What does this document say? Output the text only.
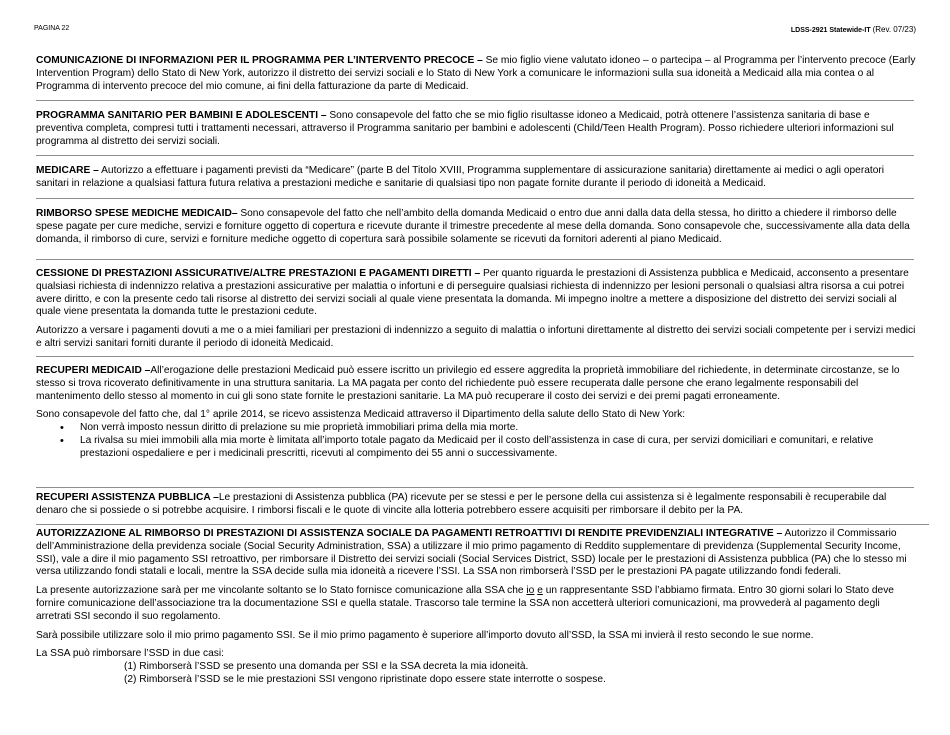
PAGINA 22	LDSS-2921 Statewide-IT (Rev. 07/23)

COMUNICAZIONE DI INFORMAZIONI PER IL PROGRAMMA PER L’INTERVENTO PRECOCE – Se mio figlio viene valutato idoneo – o partecipa – al Programma per l’intervento precoce (Early Intervention Program) dello Stato di New York, autorizzo il distretto dei servizi sociali e lo Stato di New York a comunicare le informazioni sulla sua idoneità a Medicaid alla mia contea o al Programma di intervento precoce del mio comune, ai fini della fatturazione da parte di Medicaid.

PROGRAMMA SANITARIO PER BAMBINI E ADOLESCENTI – Sono consapevole del fatto che se mio figlio risultasse idoneo a Medicaid, potrà ottenere l’assistenza sanitaria di base e preventiva completa, compresi tutti i trattamenti necessari, attraverso il Programma sanitario per bambini e adolescenti (Child/Teen Health Program). Posso richiedere ulteriori informazioni sul programma al distretto dei servizi sociali.

MEDICARE – Autorizzo a effettuare i pagamenti previsti da “Medicare” (parte B del Titolo XVIII, Programma supplementare di assicurazione sanitaria) direttamente ai medici o agli operatori sanitari in relazione a qualsiasi fattura futura relativa a prestazioni mediche e sanitarie di qualsiasi tipo non pagate fornite durante il periodo di idoneità a Medicaid.

RIMBORSO SPESE MEDICHE MEDICAID– Sono consapevole del fatto che nell’ambito della domanda Medicaid o entro due anni dalla data della stessa, ho diritto a chiedere il rimborso delle spese pagate per cure mediche, servizi e forniture oggetto di copertura e ricevute durante il trimestre precedente al mese della domanda. Sono consapevole che, successivamente alla data della domanda, il rimborso di cure, servizi e forniture mediche oggetto di copertura sarà possibile solamente se ricevuti da fornitori aderenti al piano Medicaid.

CESSIONE DI PRESTAZIONI ASSICURATIVE/ALTRE PRESTAZIONI E PAGAMENTI DIRETTI – Per quanto riguarda le prestazioni di Assistenza pubblica e Medicaid, acconsento a presentare qualsiasi richiesta di indennizzo relativa a prestazioni assicurative per malattia o infortuni e di perseguire qualsiasi richiesta di indennizzo per lesioni personali o qualsiasi altra risorsa a cui potrei avere diritto, e con la presente cedo tali risorse al distretto dei servizi sociali al quale viene presentata la domanda. Mi impegno inoltre a mettere a disposizione del distretto dei servizi sociali al quale viene presentata la domanda tutte le prestazioni cedute.

Autorizzo a versare i pagamenti dovuti a me o a miei familiari per prestazioni di indennizzo a seguito di malattia o infortuni direttamente al distretto dei servizi sociali competente per i servizi medici e altri servizi sanitari forniti durante il periodo di idoneità Medicaid.

RECUPERI MEDICAID –All’erogazione delle prestazioni Medicaid può essere iscritto un privilegio ed essere aggredita la proprietà immobiliare del richiedente, in determinate circostanze, se lo stesso si trova ricoverato definitivamente in una struttura sanitaria. La MA pagata per conto del richiedente può essere recuperata dalle persone che erano legalmente responsabili del mantenimento dello stesso al momento in cui gli sono state fornite le prestazioni sanitarie. La MA può recuperare il costo dei servizi e dei premi pagati erroneamente.

Sono consapevole del fatto che, dal 1° aprile 2014, se ricevo assistenza Medicaid attraverso il Dipartimento della salute dello Stato di New York:

• Non verrà imposto nessun diritto di prelazione su mie proprietà immobiliari prima della mia morte.
• La rivalsa su miei immobili alla mia morte è limitata all’importo totale pagato da Medicaid per il costo dell’assistenza in case di cura, per servizi domiciliari e comunitari, e relative prestazioni ospedaliere e per i medicinali prescritti, ricevuti al compimento dei 55 anni o successivamente.

RECUPERI ASSISTENZA PUBBLICA –Le prestazioni di Assistenza pubblica (PA) ricevute per se stessi e per le persone della cui assistenza si è legalmente responsabili è recuperabile dal denaro che si possiede o si potrebbe acquisire. I rimborsi fiscali e le quote di vincite alla lotteria potrebbero essere acquisiti per rimborsare il debito per la PA.

AUTORIZZAZIONE AL RIMBORSO DI PRESTAZIONI DI ASSISTENZA SOCIALE DA PAGAMENTI RETROATTIVI DI RENDITE PREVIDENZIALI INTEGRATIVE – Autorizzo il Commissario dell’Amministrazione della previdenza sociale (Social Security Administration, SSA) a utilizzare il mio primo pagamento di Reddito supplementare di previdenza (Supplemental Security Income, SSI), vale a dire il mio pagamento SSI retroattivo, per rimborsare il Distretto dei servizi sociali (Social Services District, SSD) locale per le prestazioni di Assistenza pubblica (PA) che lo stesso mi versa utilizzando fondi statali e locali, mentre la SSA decide sulla mia idoneità a ricevere l’SSI. La SSA non rimborserà l’SSD per le prestazioni PA pagate utilizzando fondi federali.

La presente autorizzazione sarà per me vincolante soltanto se lo Stato fornisce comunicazione alla SSA che io e un rappresentante SSD l’abbiamo firmata. Entro 30 giorni solari lo Stato deve fornire comunicazione dell’associazione tra la documentazione SSI e quella statale. Trascorso tale termine la SSA non accetterà ulteriori comunicazioni, ma provvederà al pagamento degli arretrati SSI secondo il suo regolamento.

Sarà possibile utilizzare solo il mio primo pagamento SSI. Se il mio primo pagamento è superiore all’importo dovuto all’SSD, la SSA mi invierà il resto secondo le sue norme.

La SSA può rimborsare l’SSD in due casi:

(1) Rimborserà l’SSD se presento una domanda per SSI e la SSA decreta la mia idoneità.

(2) Rimborserà l’SSD se le mie prestazioni SSI vengono ripristinate dopo essere state interrotte o sospese.
